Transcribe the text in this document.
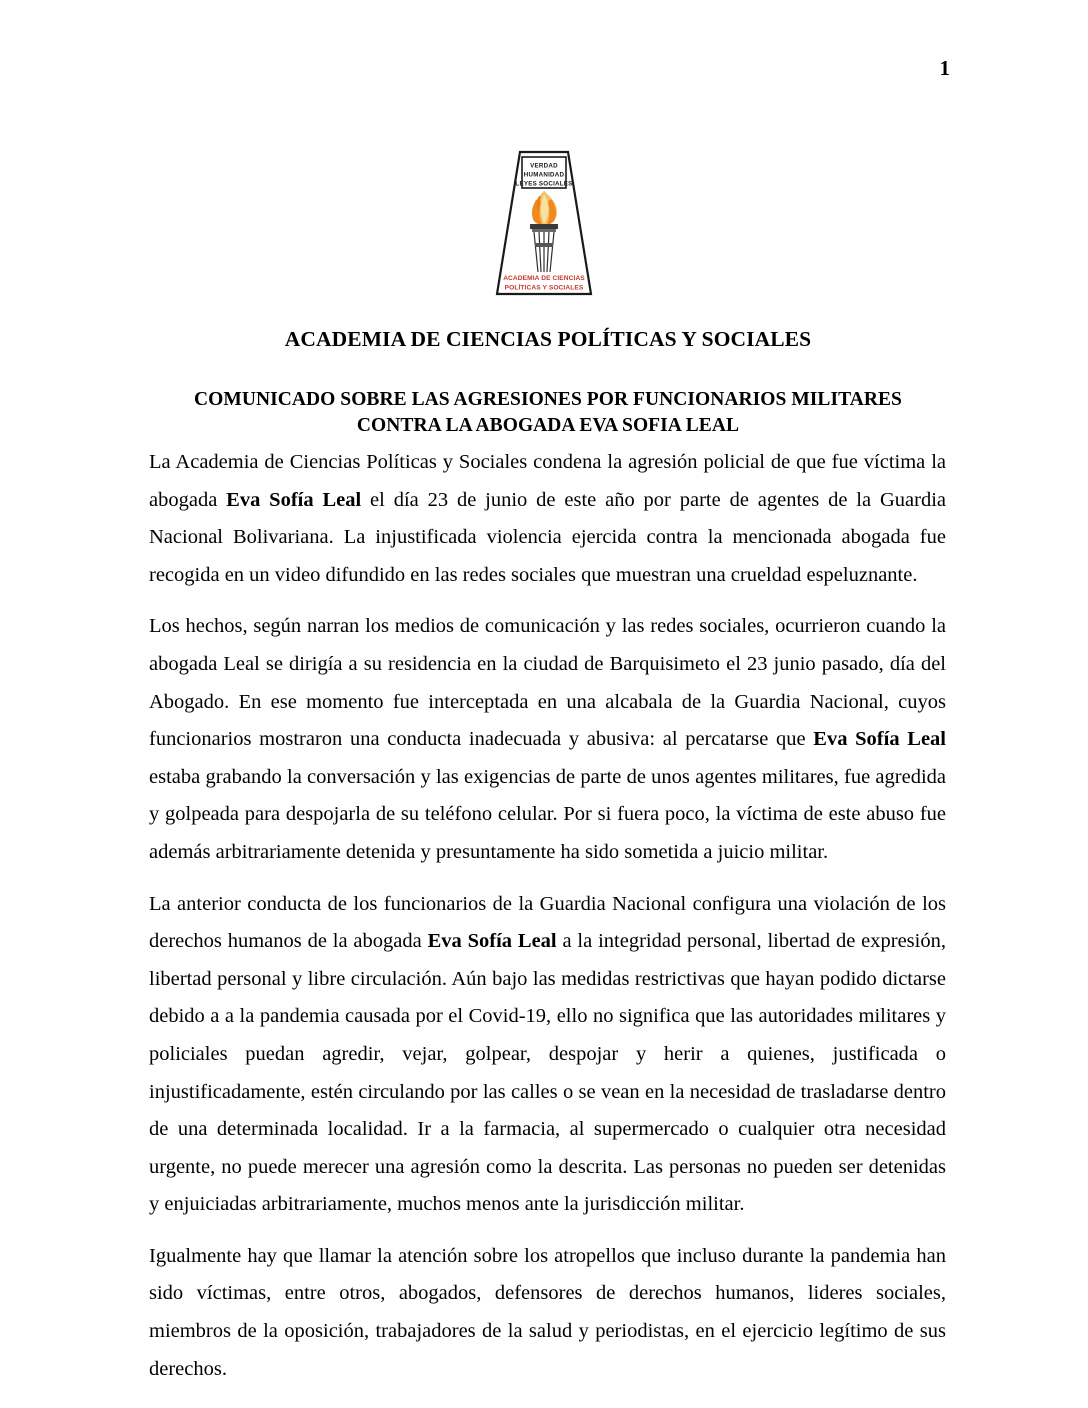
1
VERDAD
HUMANIDAD
LEYES SOCIALES
ACADEMIA DE CIENCIAS
POLÍTICAS Y SOCIALES
ACADEMIA DE CIENCIAS POLÍTICAS Y SOCIALES
COMUNICADO SOBRE LAS AGRESIONES POR FUNCIONARIOS MILITARES
CONTRA LA ABOGADA EVA SOFIA LEAL

La Academia de Ciencias Políticas y Sociales condena la agresión policial de que fue víctima la abogada Eva Sofía Leal el día 23 de junio de este año por parte de agentes de la Guardia Nacional Bolivariana. La injustificada violencia ejercida contra la mencionada abogada fue recogida en un video difundido en las redes sociales que muestran una crueldad espeluznante.

Los hechos, según narran los medios de comunicación y las redes sociales, ocurrieron cuando la abogada Leal se dirigía a su residencia en la ciudad de Barquisimeto el 23 junio pasado, día del Abogado. En ese momento fue interceptada en una alcabala de la Guardia Nacional, cuyos funcionarios mostraron una conducta inadecuada y abusiva: al percatarse que Eva Sofía Leal estaba grabando la conversación y las exigencias de parte de unos agentes militares, fue agredida y golpeada para despojarla de su teléfono celular. Por si fuera poco, la víctima de este abuso fue además arbitrariamente detenida y presuntamente ha sido sometida a juicio militar.

La anterior conducta de los funcionarios de la Guardia Nacional configura una violación de los derechos humanos de la abogada Eva Sofía Leal a la integridad personal, libertad de expresión, libertad personal y libre circulación. Aún bajo las medidas restrictivas que hayan podido dictarse debido a a la pandemia causada por el Covid-19, ello no significa que las autoridades militares y policiales puedan agredir, vejar, golpear, despojar y herir a quienes, justificada o injustificadamente, estén circulando por las calles o se vean en la necesidad de trasladarse dentro de una determinada localidad. Ir a la farmacia, al supermercado o cualquier otra necesidad urgente, no puede merecer una agresión como la descrita. Las personas no pueden ser detenidas y enjuiciadas arbitrariamente, muchos menos ante la jurisdicción militar.

Igualmente hay que llamar la atención sobre los atropellos que incluso durante la pandemia han sido víctimas, entre otros, abogados, defensores de derechos humanos, lideres sociales, miembros de la oposición, trabajadores de la salud y periodistas, en el ejercicio legítimo de sus derechos.
